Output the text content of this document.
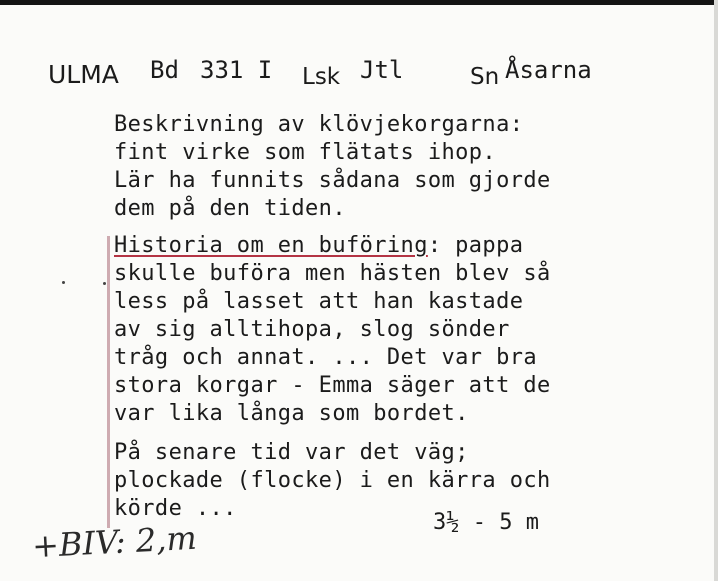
ULMA Bd 331 I Lsk Jtl	Sn Åsarna
Beskrivning av klövjekorgarna:
fint virke som flätats ihop.
Lär ha funnits sådana som gjorde
dem på den tiden.
Historia om en buföring: pappa
skulle buföra men hästen blev så
less på lasset att han kastade
av sig alltihopa, slog sönder
tråg och annat. ... Det var bra
stora korgar - Emma säger att de
var lika långa som bordet.
På senare tid var det väg;
plockade (flocke) i en kärra och
körde ...
3½ - 5 m
+BIV: 2,m
